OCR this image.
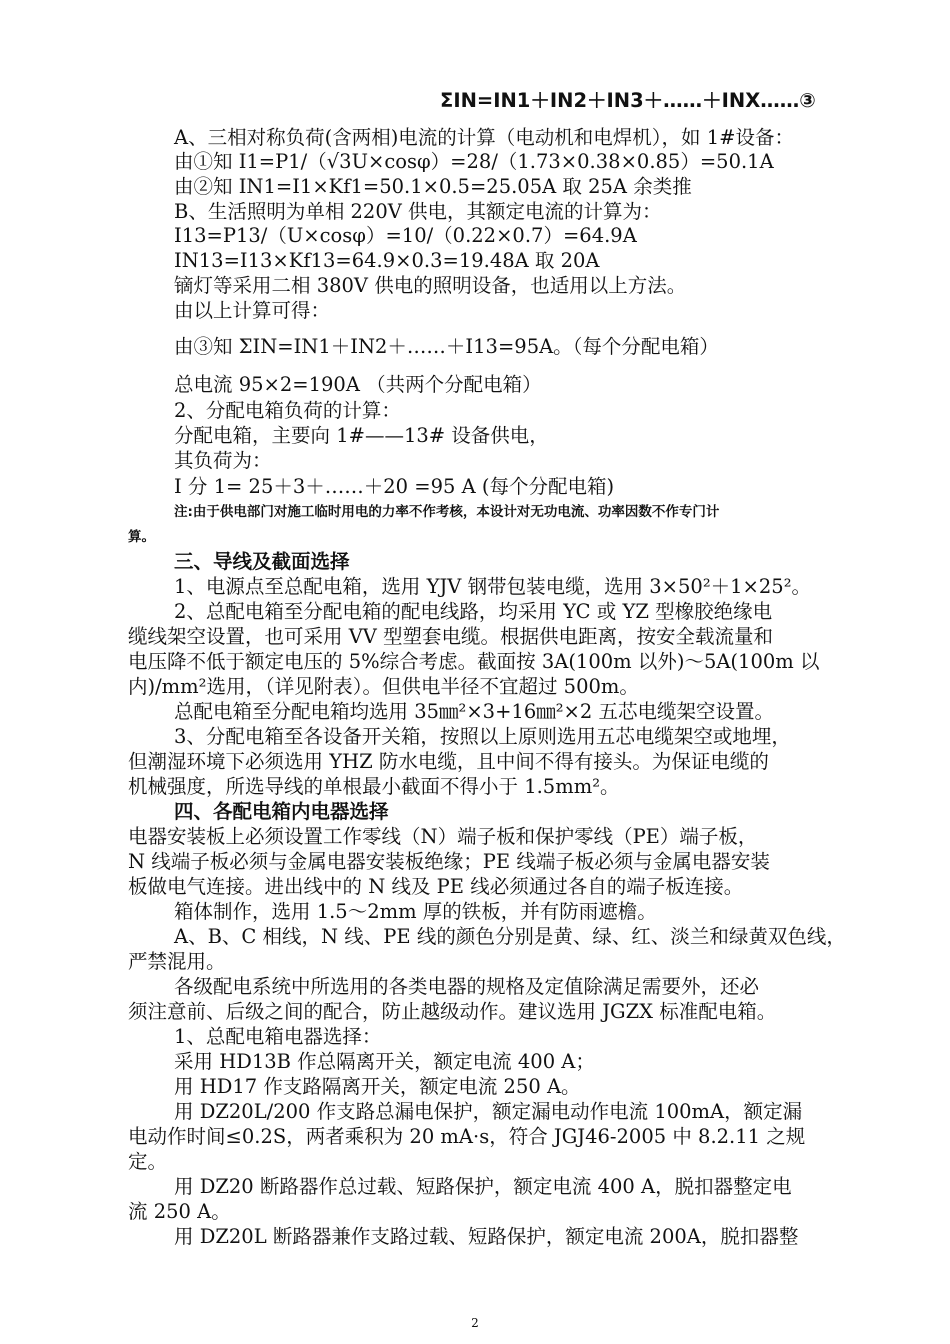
ΣIN=IN1＋IN2＋IN3＋……＋INX……③
A、三相对称负荷(含两相)电流的计算（电动机和电焊机），如 1#设备：
由①知 I1=P1/（√3U×cosφ）=28/（1.73×0.38×0.85）=50.1A
由②知 IN1=I1×Kf1=50.1×0.5=25.05A 取 25A 余类推
B、生活照明为单相 220V 供电，其额定电流的计算为：
I13=P13/（U×cosφ）=10/（0.22×0.7）=64.9A
IN13=I13×Kf13=64.9×0.3=19.48A 取 20A
镝灯等采用二相 380V 供电的照明设备，也适用以上方法。
由以上计算可得：
由③知 ΣIN=IN1＋IN2＋……＋I13=95A。（每个分配电箱）
总电流 95×2=190A （共两个分配电箱）
2、分配电箱负荷的计算：
分配电箱，主要向 1#——13# 设备供电，
其负荷为：
I 分 1= 25＋3＋……＋20 =95 A (每个分配电箱)
注:由于供电部门对施工临时用电的力率不作考核，本设计对无功电流、功率因数不作专门计
算。
三、导线及截面选择
1、电源点至总配电箱，选用 YJV 钢带包装电缆，选用 3×50²＋1×25²。
2、总配电箱至分配电箱的配电线路，均采用 YC 或 YZ 型橡胶绝缘电
缆线架空设置，也可采用 VV 型塑套电缆。根据供电距离，按安全载流量和
电压降不低于额定电压的 5%综合考虑。截面按 3A(100m 以外)～5A(100m 以
内)/mm²选用，（详见附表）。但供电半径不宜超过 500m。
总配电箱至分配电箱均选用 35㎜²×3+16㎜²×2 五芯电缆架空设置。
3、分配电箱至各设备开关箱，按照以上原则选用五芯电缆架空或地埋，
但潮湿环境下必须选用 YHZ 防水电缆，且中间不得有接头。为保证电缆的
机械强度，所选导线的单根最小截面不得小于 1.5mm²。
四、各配电箱内电器选择
电器安装板上必须设置工作零线（N）端子板和保护零线（PE）端子板，
N 线端子板必须与金属电器安装板绝缘；PE 线端子板必须与金属电器安装
板做电气连接。进出线中的 N 线及 PE 线必须通过各自的端子板连接。
箱体制作，选用 1.5～2mm 厚的铁板，并有防雨遮檐。
A、B、C 相线，N 线、PE 线的颜色分别是黄、绿、红、淡兰和绿黄双色线，
严禁混用。
各级配电系统中所选用的各类电器的规格及定值除满足需要外，还必
须注意前、后级之间的配合，防止越级动作。建议选用 JGZX 标准配电箱。
1、总配电箱电器选择：
采用 HD13B 作总隔离开关，额定电流 400 A；
用 HD17 作支路隔离开关，额定电流 250 A。
用 DZ20L/200 作支路总漏电保护，额定漏电动作电流 100mA，额定漏
电动作时间≤0.2S，两者乘积为 20 mA·s，符合 JGJ46-2005 中 8.2.11 之规
定。
用 DZ20 断路器作总过载、短路保护，额定电流 400 A，脱扣器整定电
流 250 A。
用 DZ20L 断路器兼作支路过载、短路保护，额定电流 200A，脱扣器整
2
